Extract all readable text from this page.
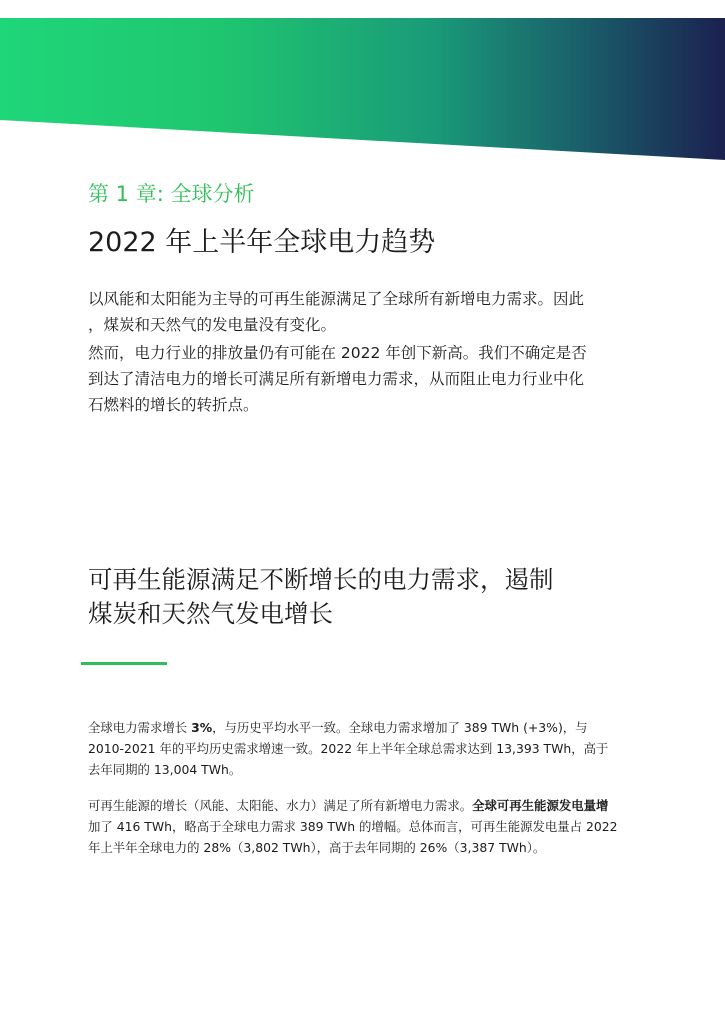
第 1 章: 全球分析
2022 年上半年全球电力趋势

以风能和太阳能为主导的可再生能源满足了全球所有新增电力需求。因此
，煤炭和天然气的发电量没有变化。

然而，电力行业的排放量仍有可能在 2022 年创下新高。我们不确定是否
到达了清洁电力的增长可满足所有新增电力需求，从而阻止电力行业中化
石燃料的增长的转折点。

可再生能源满足不断增长的电力需求，遏制
煤炭和天然气发电增长
全球电力需求增长 3%，与历史平均水平一致。全球电力需求增加了 389 TWh (+3%)，与
2010-2021 年的平均历史需求增速一致。2022 年上半年全球总需求达到 13,393 TWh，高于
去年同期的 13,004 TWh。
可再生能源的增长（风能、太阳能、水力）满足了所有新增电力需求。全球可再生能源发电量增
加了 416 TWh，略高于全球电力需求 389 TWh 的增幅。总体而言，可再生能源发电量占 2022
年上半年全球电力的 28%（3,802 TWh），高于去年同期的 26%（3,387 TWh）。
